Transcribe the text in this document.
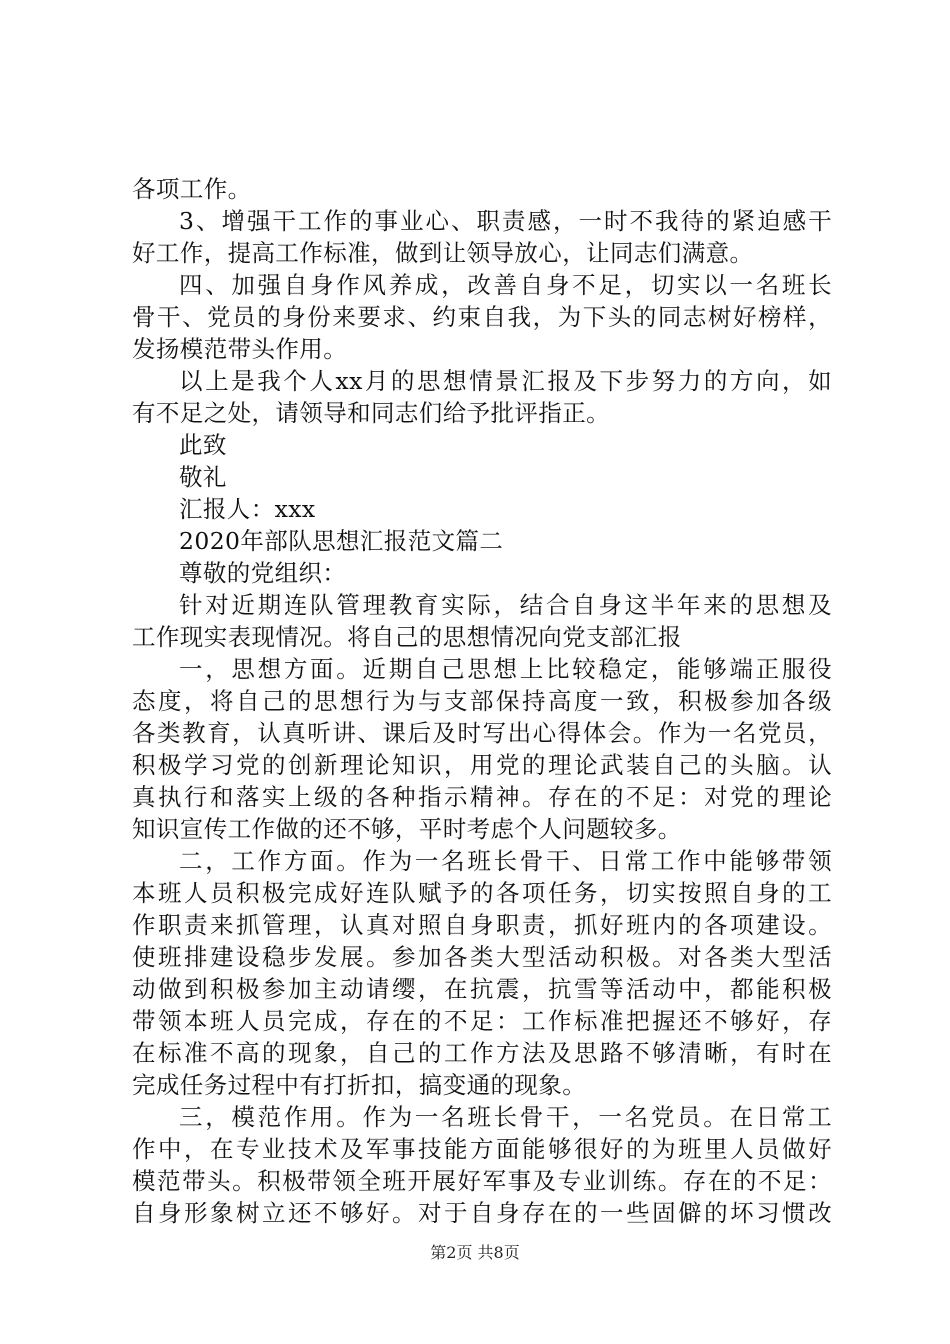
各项工作。
3、增强干工作的事业心、职责感，一时不我待的紧迫感干
好工作，提高工作标准，做到让领导放心，让同志们满意。
四、加强自身作风养成，改善自身不足，切实以一名班长
骨干、党员的身份来要求、约束自我，为下头的同志树好榜样，
发扬模范带头作用。
以上是我个人xx月的思想情景汇报及下步努力的方向，如
有不足之处，请领导和同志们给予批评指正。
此致
敬礼
汇报人：xxx
2020年部队思想汇报范文篇二
尊敬的党组织：
针对近期连队管理教育实际，结合自身这半年来的思想及
工作现实表现情况。将自己的思想情况向党支部汇报
一，思想方面。近期自己思想上比较稳定，能够端正服役
态度，将自己的思想行为与支部保持高度一致，积极参加各级
各类教育，认真听讲、课后及时写出心得体会。作为一名党员，
积极学习党的创新理论知识，用党的理论武装自己的头脑。认
真执行和落实上级的各种指示精神。存在的不足：对党的理论
知识宣传工作做的还不够，平时考虑个人问题较多。
二，工作方面。作为一名班长骨干、日常工作中能够带领
本班人员积极完成好连队赋予的各项任务，切实按照自身的工
作职责来抓管理，认真对照自身职责，抓好班内的各项建设。
使班排建设稳步发展。参加各类大型活动积极。对各类大型活
动做到积极参加主动请缨，在抗震，抗雪等活动中，都能积极
带领本班人员完成，存在的不足：工作标准把握还不够好，存
在标准不高的现象，自己的工作方法及思路不够清晰，有时在
完成任务过程中有打折扣，搞变通的现象。
三，模范作用。作为一名班长骨干，一名党员。在日常工
作中，在专业技术及军事技能方面能够很好的为班里人员做好
模范带头。积极带领全班开展好军事及专业训练。存在的不足：
自身形象树立还不够好。对于自身存在的一些固僻的坏习惯改
第2页 共8页
